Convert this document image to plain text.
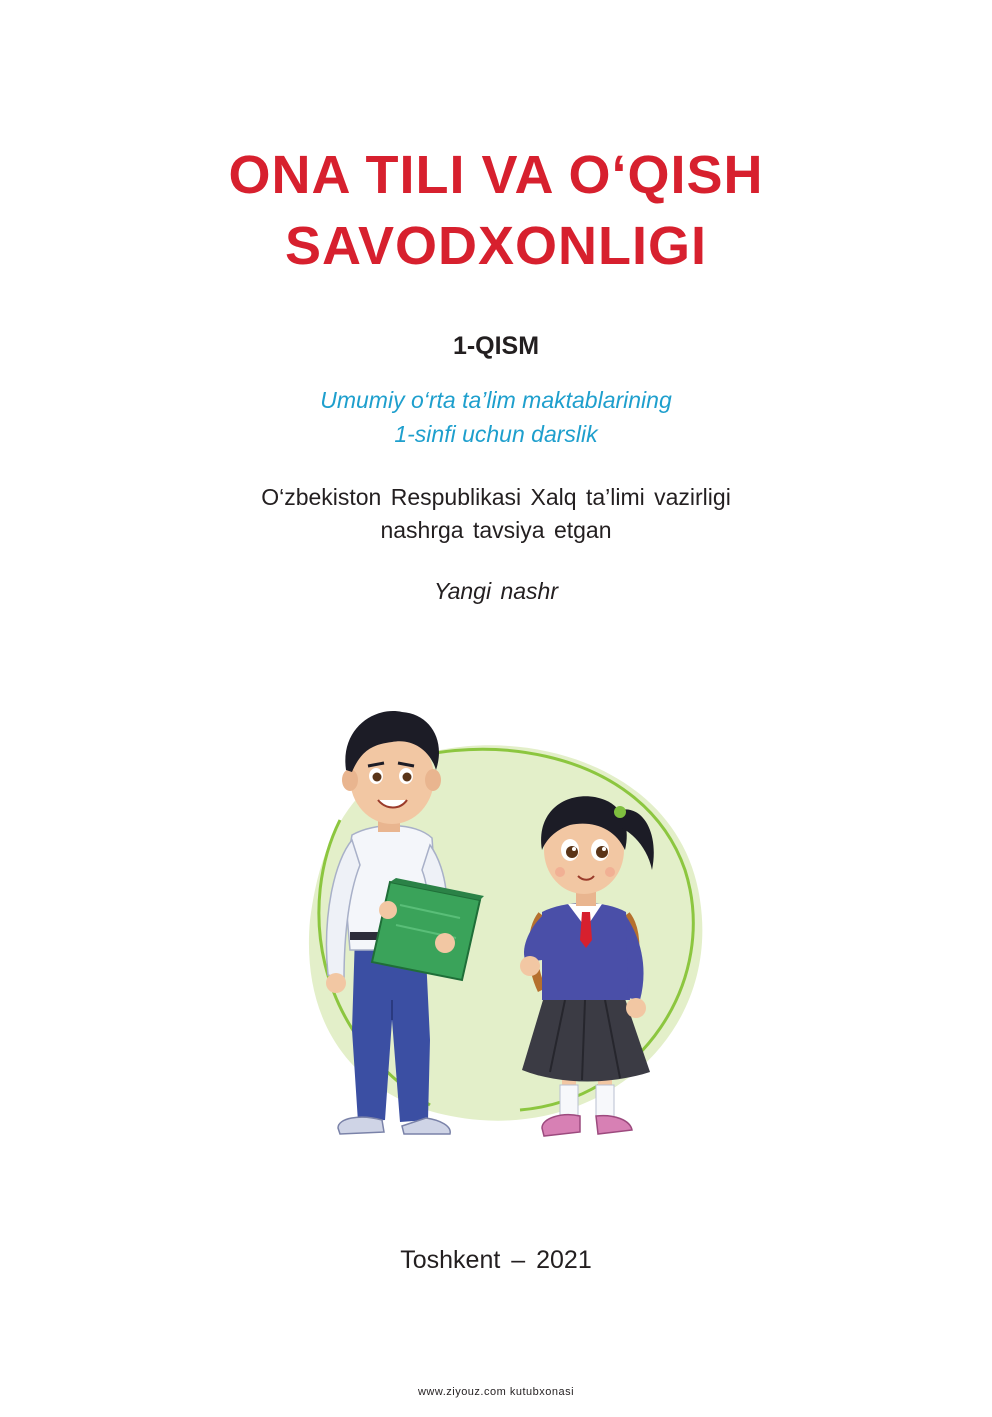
ONA TILI VA O‘QISH
SAVODXONLIGI
1-QISM
Umumiy o‘rta ta’lim maktablarining
1-sinfi uchun darslik
O‘zbekiston Respublikasi Xalq ta’limi vazirligi
nashrga tavsiya etgan
Yangi nashr
Toshkent – 2021
www.ziyouz.com kutubxonasi
